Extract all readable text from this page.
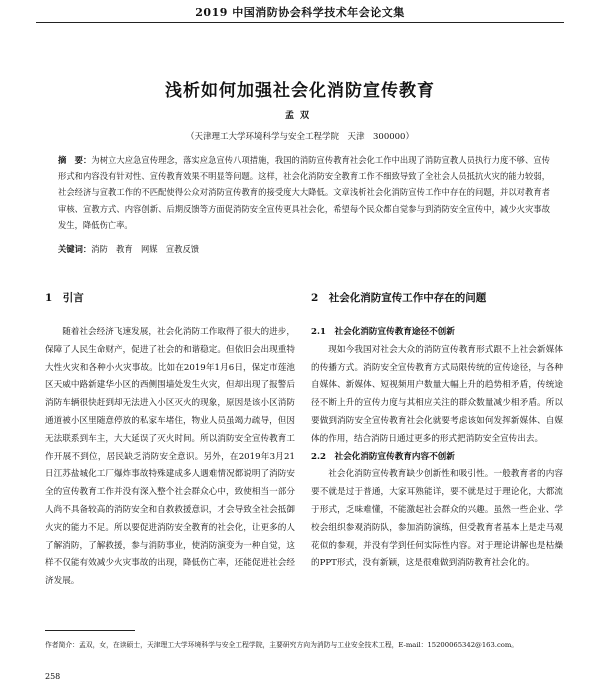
2019 中国消防协会科学技术年会论文集
浅析如何加强社会化消防宣传教育
孟双
（天津理工大学环境科学与安全工程学院　天津　300000）
摘　要：为树立大应急宣传理念，落实应急宣传八项措施，我国的消防宣传教育社会化工作中出现了消防宣教人员执行力度不够、宣传形式和内容没有针对性、宣传教育效果不明显等问题。这样，社会化消防安全教育工作不细致导致了全社会人员抵抗火灾的能力较弱，社会经济与宣教工作的不匹配使得公众对消防宣传教育的接受度大大降低。文章浅析社会化消防宣传工作中存在的问题，并以对教育者审核、宣教方式、内容创新、后期反馈等方面促消防安全宣传更具社会化，希望每个民众都自觉参与到消防安全宣传中，减少火灾事故发生，降低伤亡率。
关键词：消防　教育　网媒　宣教反馈
1　引言

随着社会经济飞速发展，社会化消防工作取得了很大的进步，保障了人民生命财产，促进了社会的和谐稳定。但依旧会出现重特大性火灾和各种小火灾事故。比如在2019年1月6日，保定市莲池区天威中路新建华小区的西侧围墙处发生火灾，但却出现了报警后消防车辆很快赶到却无法进入小区灭火的现象，原因是该小区消防通道被小区里随意停放的私家车堵住，物业人员虽竭力疏导，但因无法联系到车主，大大延误了灭火时间。所以消防安全宣传教育工作开展不到位，居民缺乏消防安全意识。另外，在2019年3月21日江苏盐城化工厂爆炸事故特殊建成多人遇难情况都说明了消防安全的宣传教育工作并没有深入整个社会群众心中，致使相当一部分人尚不具备较高的消防安全和自救救援意识，才会导致全社会抵御火灾的能力不足。所以要促进消防安全教育的社会化，让更多的人了解消防，了解救援，参与消防事业，使消防演变为一种自觉，这样不仅能有效减少火灾事故的出现，降低伤亡率，还能促进社会经济发展。

2　社会化消防宣传工作中存在的问题
2.1　社会化消防宣传教育途径不创新

现如今我国对社会大众的消防宣传教育形式跟不上社会新媒体的传播方式。消防安全宣传教育方式局限传统的宣传途径，与各种自媒体、新媒体、短视频用户数量大幅上升的趋势相矛盾，传统途径不断上升的宣传力度与其相应关注的群众数量减少相矛盾。所以要做到消防安全宣传教育社会化就要考虑该如何发挥新媒体、自媒体的作用，结合消防日通过更多的形式把消防安全宣传出去。

2.2　社会化消防宣传教育内容不创新

社会化消防宣传教育缺少创新性和吸引性。一般教育者的内容要不就是过于普通，大家耳熟能详，要不就是过于理论化，大都流于形式，乏味难懂，不能激起社会群众的兴趣。虽然一些企业、学校会组织参观消防队，参加消防演练，但受教育者基本上是走马观花似的参观，并没有学到任何实际性内容。对于理论讲解也是枯燥的PPT形式，没有新颖，这是很难做到消防教育社会化的。

作者简介：孟双，女，在读硕士，天津理工大学环境科学与安全工程学院，主要研究方向为消防与工业安全技术工程，E-mail：15200065342@163.com。
258
